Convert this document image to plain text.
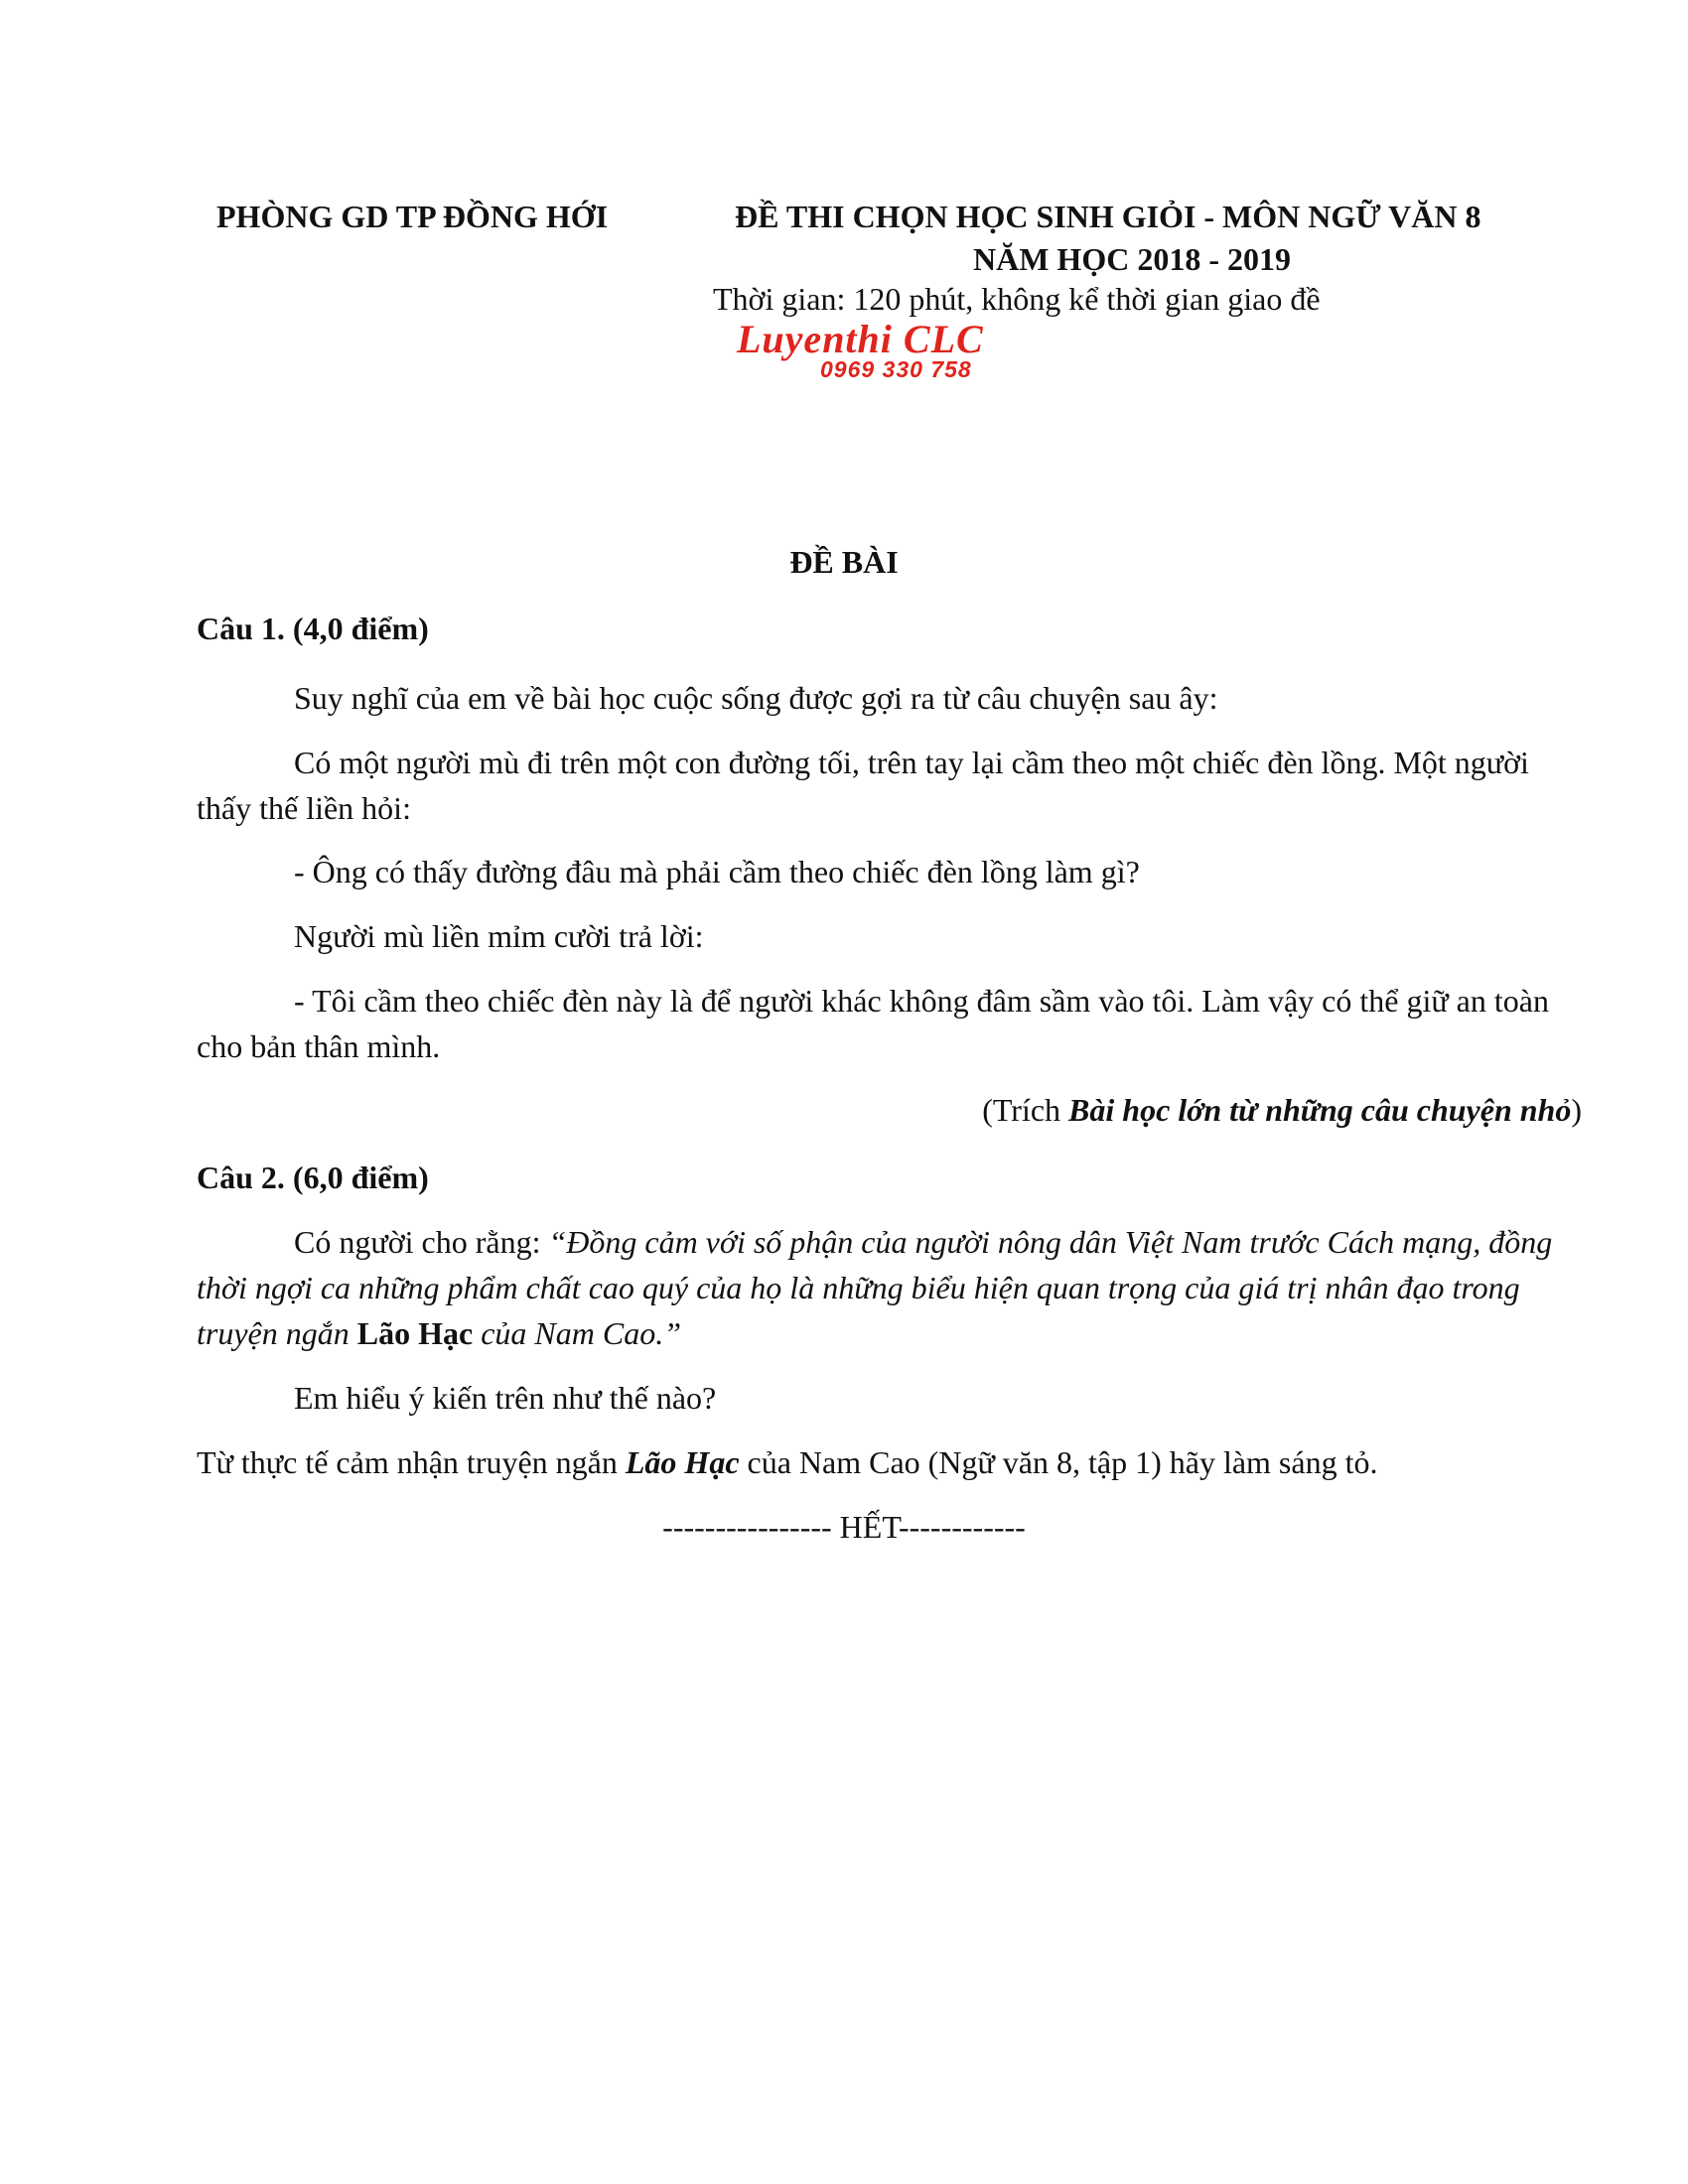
PHÒNG GD TP ĐỒNG HỚI	ĐỀ THI CHỌN HỌC SINH GIỎI - MÔN NGỮ VĂN 8
NĂM HỌC 2018 - 2019
Thời gian: 120 phút, không kể thời gian giao đề
Luyenthi CLC
0969 330 758
ĐỀ BÀI
Câu 1. (4,0 điểm)
Suy nghĩ của em về bài học cuộc sống được gợi ra từ câu chuyện sau ây:
Có một người mù đi trên một con đường tối, trên tay lại cầm theo một chiếc đèn lồng. Một người thấy thế liền hỏi:
- Ông có thấy đường đâu mà phải cầm theo chiếc đèn lồng làm gì?
Người mù liền mỉm cười trả lời:
- Tôi cầm theo chiếc đèn này là để người khác không đâm sầm vào tôi. Làm vậy có thể giữ an toàn cho bản thân mình.
(Trích Bài học lớn từ những câu chuyện nhỏ)
Câu 2. (6,0 điểm)
Có người cho rằng: “Đồng cảm với số phận của người nông dân Việt Nam trước Cách mạng, đồng thời ngợi ca những phẩm chất cao quý của họ là những biểu hiện quan trọng của giá trị nhân đạo trong truyện ngắn Lão Hạc của Nam Cao.”
Em hiểu ý kiến trên như thế nào?
Từ thực tế cảm nhận truyện ngắn Lão Hạc của Nam Cao (Ngữ văn 8, tập 1) hãy làm sáng tỏ.
---------------- HẾT------------
